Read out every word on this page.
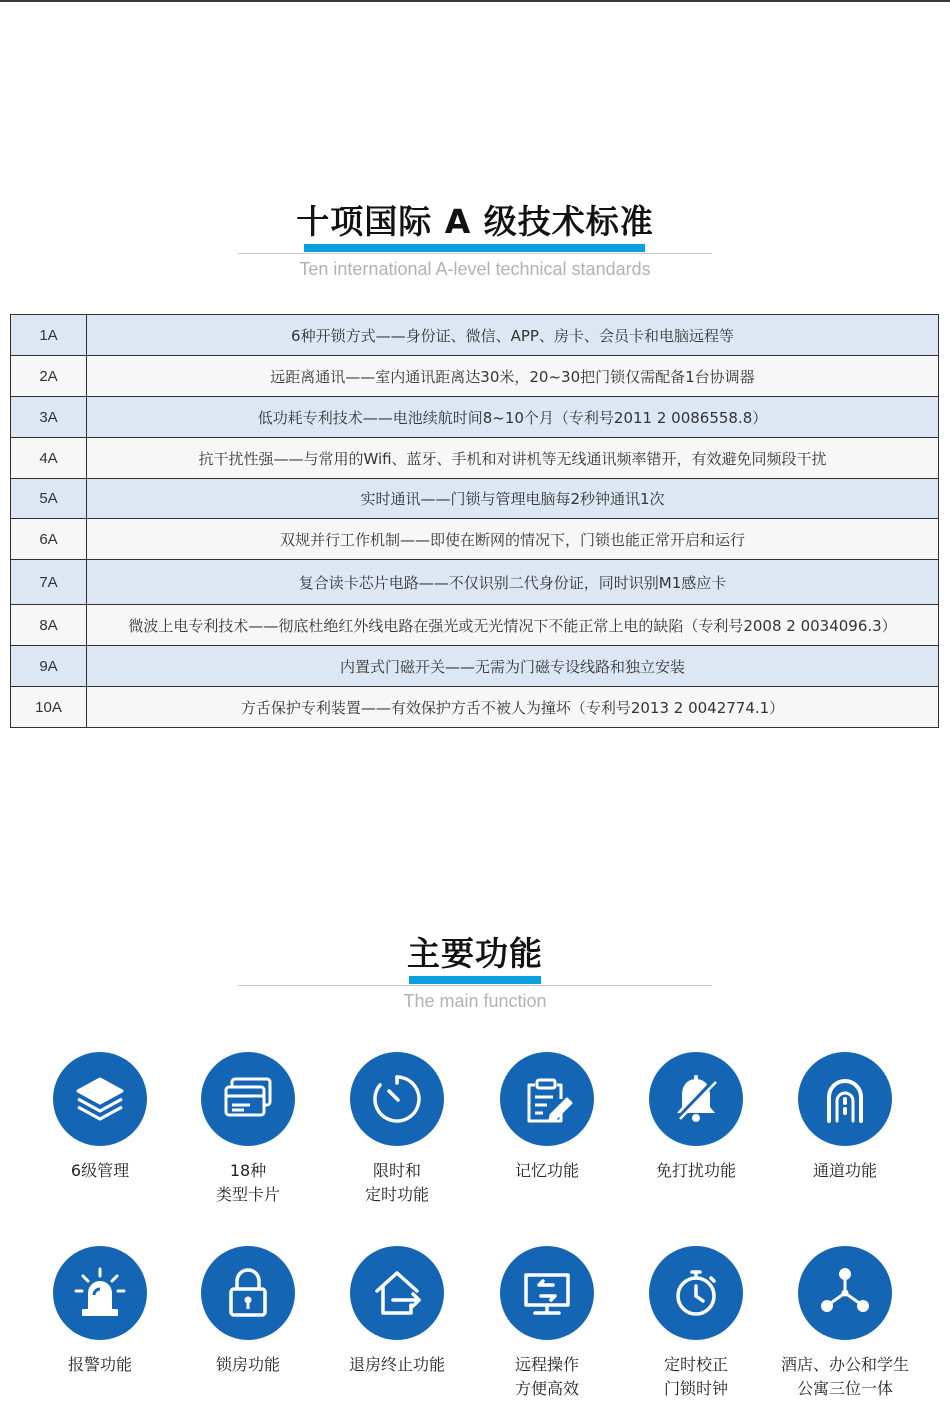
十项国际 A 级技术标准
Ten international A-level technical standards
1A	6种开锁方式——身份证、微信、APP、房卡、会员卡和电脑远程等
2A	远距离通讯——室内通讯距离达30米，20~30把门锁仅需配备1台协调器
3A	低功耗专利技术——电池续航时间8~10个月（专利号2011 2 0086558.8）
4A	抗干扰性强——与常用的Wifi、蓝牙、手机和对讲机等无线通讯频率错开，有效避免同频段干扰
5A	实时通讯——门锁与管理电脑每2秒钟通讯1次
6A	双规并行工作机制——即使在断网的情况下，门锁也能正常开启和运行
7A	复合读卡芯片电路——不仅识别二代身份证，同时识别M1感应卡
8A	微波上电专利技术——彻底杜绝红外线电路在强光或无光情况下不能正常上电的缺陷（专利号2008 2 0034096.3）
9A	内置式门磁开关——无需为门磁专设线路和独立安装
10A	方舌保护专利装置——有效保护方舌不被人为撞坏（专利号2013 2 0042774.1）
主要功能
The main function
6级管理	18种
类型卡片
限时和
定时功能
记忆功能	免打扰功能	通道功能
报警功能	锁房功能	退房终止功能	远程操作
方便高效
定时校正
门锁时钟
酒店、办公和学生
公寓三位一体
